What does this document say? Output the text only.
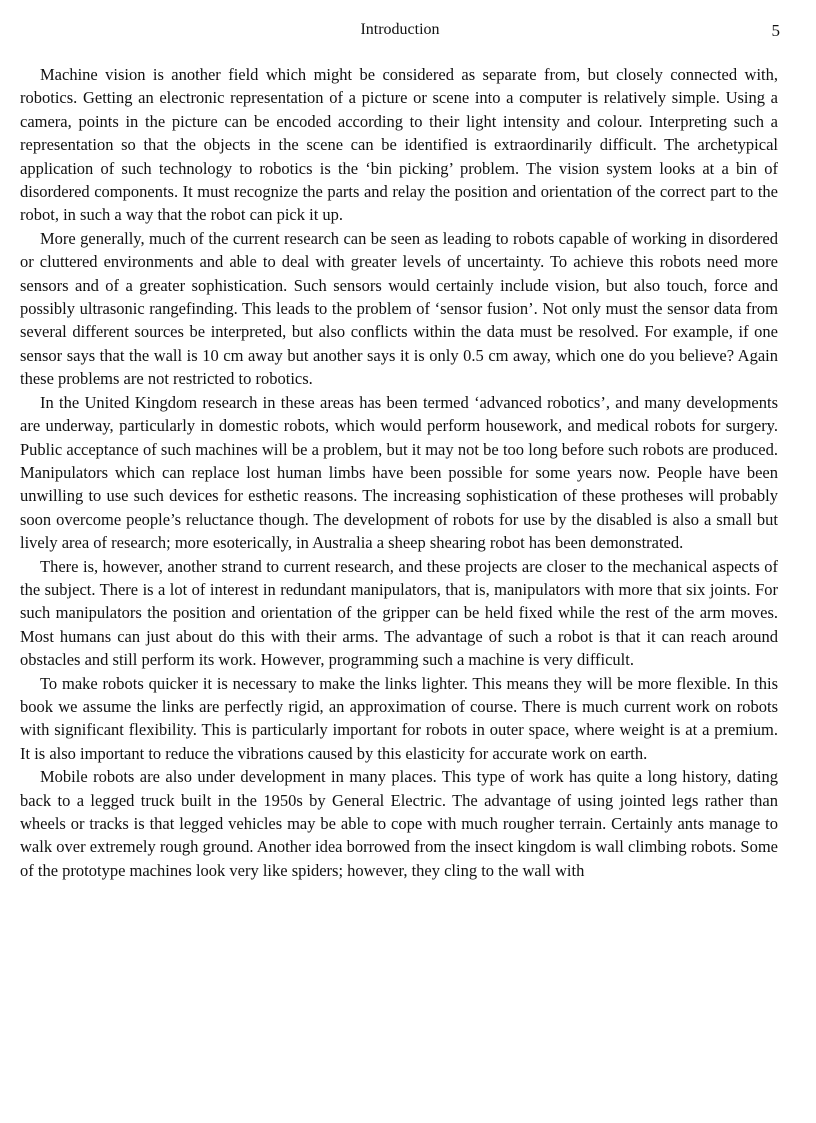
Introduction	5

Machine vision is another field which might be considered as separate from, but closely connected with, robotics. Getting an electronic representation of a picture or scene into a computer is relatively simple. Using a camera, points in the picture can be encoded according to their light intensity and colour. Interpreting such a representation so that the objects in the scene can be identified is extraordinarily difficult. The archetypical application of such technology to robotics is the ‘bin picking’ problem. The vision system looks at a bin of disordered components. It must recognize the parts and relay the position and orientation of the correct part to the robot, in such a way that the robot can pick it up.

More generally, much of the current research can be seen as leading to robots capable of working in disordered or cluttered environments and able to deal with greater levels of uncertainty. To achieve this robots need more sensors and of a greater sophistication. Such sensors would certainly include vision, but also touch, force and possibly ultrasonic rangefinding. This leads to the problem of ‘sensor fusion’. Not only must the sensor data from several different sources be interpreted, but also conflicts within the data must be resolved. For example, if one sensor says that the wall is 10 cm away but another says it is only 0.5 cm away, which one do you believe? Again these problems are not restricted to robotics.

In the United Kingdom research in these areas has been termed ‘advanced robotics’, and many developments are underway, particularly in domestic robots, which would perform housework, and medical robots for surgery. Public acceptance of such machines will be a problem, but it may not be too long before such robots are produced. Manipulators which can replace lost human limbs have been possible for some years now. People have been unwilling to use such devices for esthetic reasons. The increasing sophistication of these protheses will probably soon overcome people’s reluctance though. The development of robots for use by the disabled is also a small but lively area of research; more esoterically, in Australia a sheep shearing robot has been demonstrated.

There is, however, another strand to current research, and these projects are closer to the mechanical aspects of the subject. There is a lot of interest in redundant manipulators, that is, manipulators with more that six joints. For such manipulators the position and orientation of the gripper can be held fixed while the rest of the arm moves. Most humans can just about do this with their arms. The advantage of such a robot is that it can reach around obstacles and still perform its work. However, programming such a machine is very difficult.

To make robots quicker it is necessary to make the links lighter. This means they will be more flexible. In this book we assume the links are perfectly rigid, an approximation of course. There is much current work on robots with significant flexibility. This is particularly important for robots in outer space, where weight is at a premium. It is also important to reduce the vibrations caused by this elasticity for accurate work on earth.

Mobile robots are also under development in many places. This type of work has quite a long history, dating back to a legged truck built in the 1950s by General Electric. The advantage of using jointed legs rather than wheels or tracks is that legged vehicles may be able to cope with much rougher terrain. Certainly ants manage to walk over extremely rough ground. Another idea borrowed from the insect kingdom is wall climbing robots. Some of the prototype machines look very like spiders; however, they cling to the wall with
